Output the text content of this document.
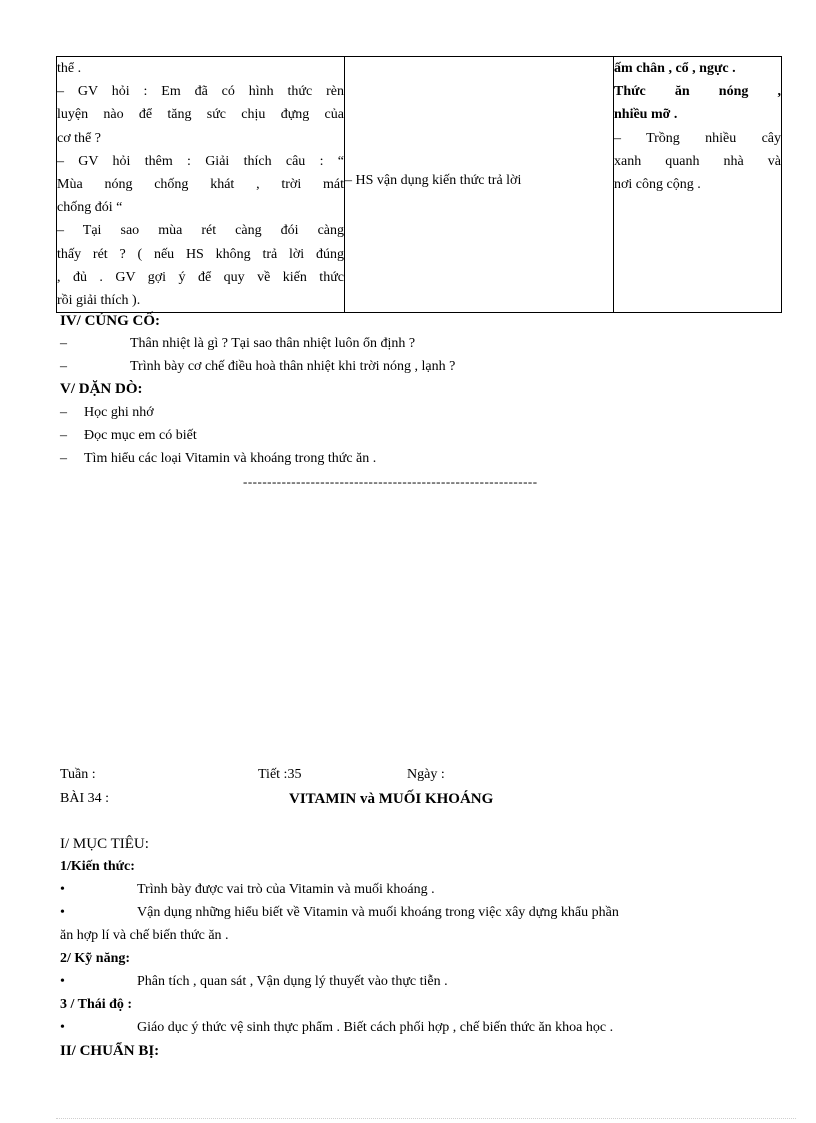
thể .
– GV hỏi : Em đã có hình thức rèn
luyện nào để tăng sức chịu đựng của
cơ thể ?
– GV hỏi thêm : Giải thích câu : “
Mùa nóng chống khát , trời mát
chống đói “
– Tại sao mùa rét càng đói càng
thấy rét ? ( nếu HS không trả lời đúng
, đủ . GV gợi ý để quy về kiến thức
rồi giải thích ).

– HS vận dụng kiến thức trả lời

ấm chân , cổ , ngực .
Thức ăn nóng ,
nhiều mỡ .
– Trồng nhiều cây
xanh quanh nhà và
nơi công cộng .
IV/ CỦNG CỐ:
–	Thân nhiệt là gì ? Tại sao thân nhiệt luôn ổn định ?
–	Trình bày cơ chế điều hoà thân nhiệt khi trời nóng , lạnh ?
V/ DẶN DÒ:
– Học ghi nhớ
– Đọc mục em có biết
– Tìm hiểu các loại Vitamin và khoáng trong thức ăn .
-------------------------------------------------------------
Tuần :	Tiết :35	Ngày :
BÀI 34 :	VITAMIN và MUỐI KHOÁNG
I/ MỤC TIÊU:
1/Kiến thức:
•	Trình bày được vai trò của Vitamin và muối khoáng .
•	Vận dụng những hiểu biết về Vitamin và muối khoáng trong việc xây dựng khẩu phần
ăn hợp lí và chế biến thức ăn .
2/ Kỹ năng:
•	Phân tích , quan sát , Vận dụng lý thuyết vào thực tiễn .
3 / Thái độ :
•	Giáo dục ý thức vệ sinh thực phẩm . Biết cách phối hợp , chế biến thức ăn khoa học .
II/ CHUẨN BỊ:
